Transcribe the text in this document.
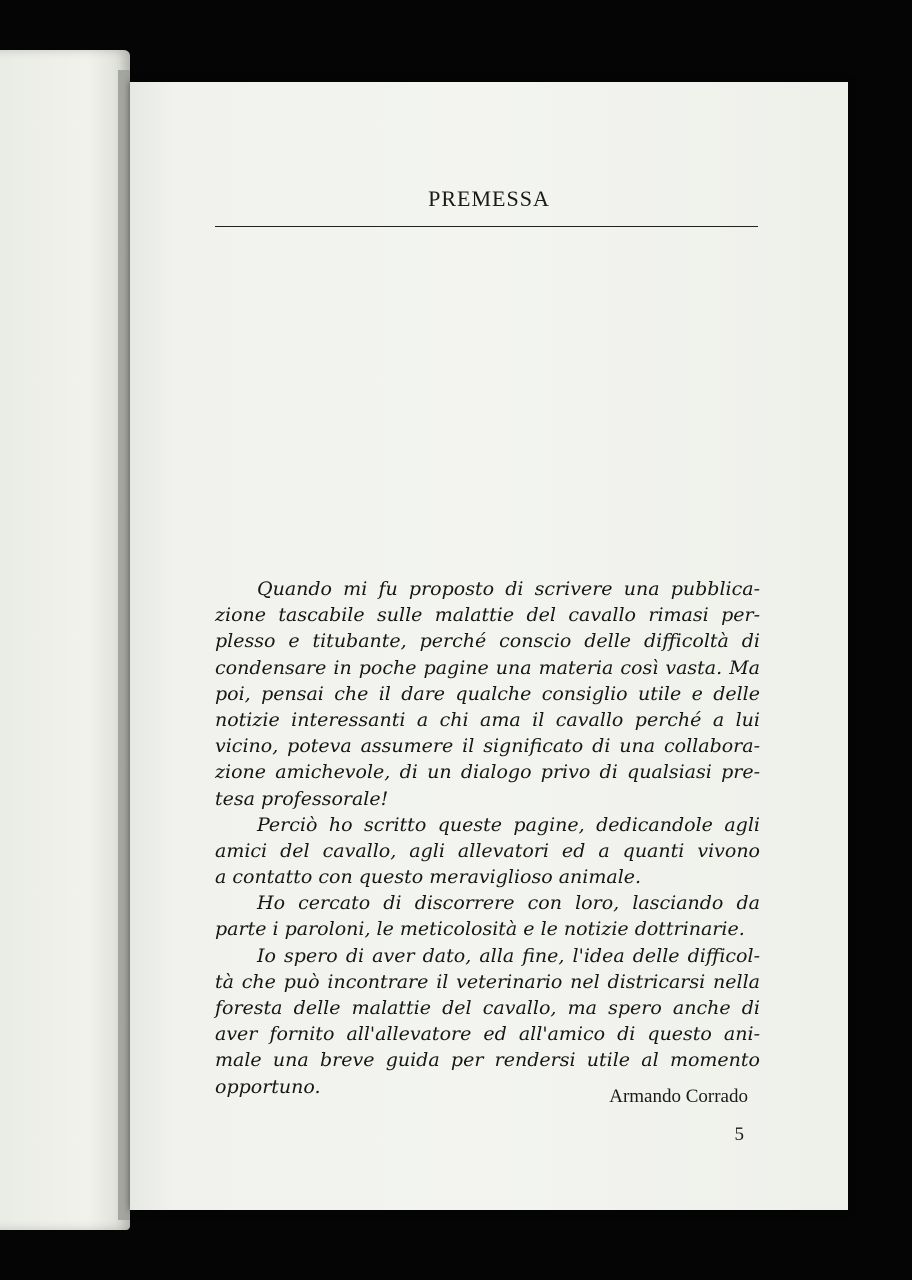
PREMESSA
Quando mi fu proposto di scrivere una pubblica-
zione tascabile sulle malattie del cavallo rimasi per-
plesso e titubante, perché conscio delle difficoltà di
condensare in poche pagine una materia così vasta. Ma
poi, pensai che il dare qualche consiglio utile e delle
notizie interessanti a chi ama il cavallo perché a lui
vicino, poteva assumere il significato di una collabora-
zione amichevole, di un dialogo privo di qualsiasi pre-
tesa professorale!
Perciò ho scritto queste pagine, dedicandole agli
amici del cavallo, agli allevatori ed a quanti vivono
a contatto con questo meraviglioso animale.
Ho cercato di discorrere con loro, lasciando da
parte i paroloni, le meticolosità e le notizie dottrinarie.
Io spero di aver dato, alla fine, l'idea delle difficol-
tà che può incontrare il veterinario nel districarsi nella
foresta delle malattie del cavallo, ma spero anche di
aver fornito all'allevatore ed all'amico di questo ani-
male una breve guida per rendersi utile al momento
opportuno.	Armando Corrado
5
